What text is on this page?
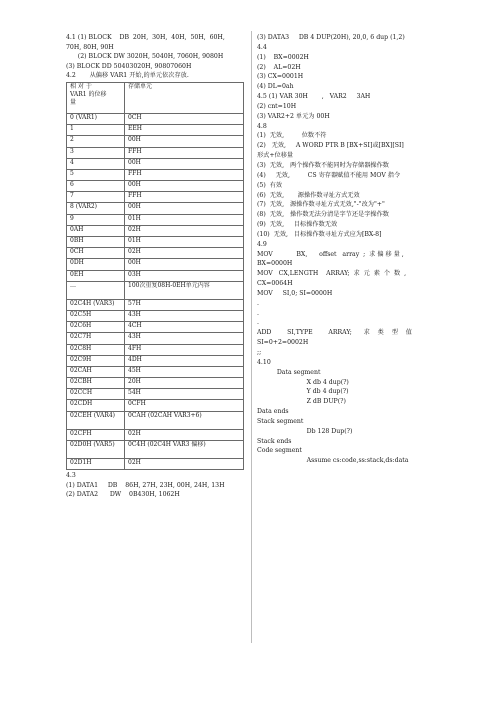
4.1 (1) BLOCK    DB  20H,  30H,  40H,  50H,  60H,
70H, 80H, 90H
(2) BLOCK DW 3020H, 5040H, 7060H, 9080H
(3) BLOCK DD 50403020H, 90807060H
4.2       从偏移 VAR1 开始,的单元依次存放.
相 对 于
VAR1 的位移
量	存储单元
0 (VAR1)	0CH
1	EEH
2	00H
3	FFH
4	00H
5	FFH
6	00H
7	FFH
8 (VAR2)	00H
9	01H
0AH	02H
0BH	01H
0CH	02H
0DH	00H
0EH	03H
…	100次重复08H-0EH单元内容
02C4H (VAR3)	57H
02C5H	43H
02C6H	4CH
02C7H	43H
02C8H	4FH
02C9H	4DH
02CAH	45H
02CBH	20H
02CCH	54H
02CDH	0CFH
02CEH (VAR4)	0CAH (02CAH VAR3+6)
02CFH	02H
02D0H (VAR5)	0C4H (02C4H VAR3 偏移)
02D1H	02H
4.3
(1) DATA1     DB    86H, 27H, 23H, 00H, 24H, 13H
(2) DATA2      DW    0B430H, 1062H
(3) DATA3     DB 4 DUP(20H), 20,0, 6 dup (1,2)
4.4
(1)    BX=0002H
(2)    AL=02H
(3) CX=0001H
(4) DL=0ah
4.5 (1) VAR 30H       ,   VAR2     3AH
(2) cnt=10H
(3) VAR2+2 单元为 00H
4.8
(1)  无效,         位数不符
(2)   无效,     A WORD PTR B [BX+SI]或[BX][SI]
形式+位移量
(3)  无效,   两个操作数不能同时为存储器操作数
(4)     无效,         CS 寄存器赋值不能用 MOV 指令
(5)  有效
(6)  无效,       源操作数寻址方式无效
(7)  无效,   源操作数寻址方式无效,"-"改为"+"
(8)  无效,   操作数无法分清是字节还是字操作数
(9)  无效,     目标操作数无效
(10)  无效,   目标操作数寻址方式应为[BX-8]
4.9
MOV            BX,      offset   array  ;  求 偏 移 量 ,
BX=0000H
MOV   CX,LENGTH    ARRAY;  求  元  素  个  数  ,
CX=0064H
MOV     SI,0; SI=0000H
.
.
.
ADD        SI,TYPE        ARRAY;      求    类    型    值
SI=0+2=0002H
;;
4.10
Data segment
X db 4 dup(?)
Y db 4 dup(?)
Z dB DUP(?)
Data ends
Stack segment
Db 128 Dup(?)
Stack ends
Code segment
Assume cs:code,ss:stack,ds:data
